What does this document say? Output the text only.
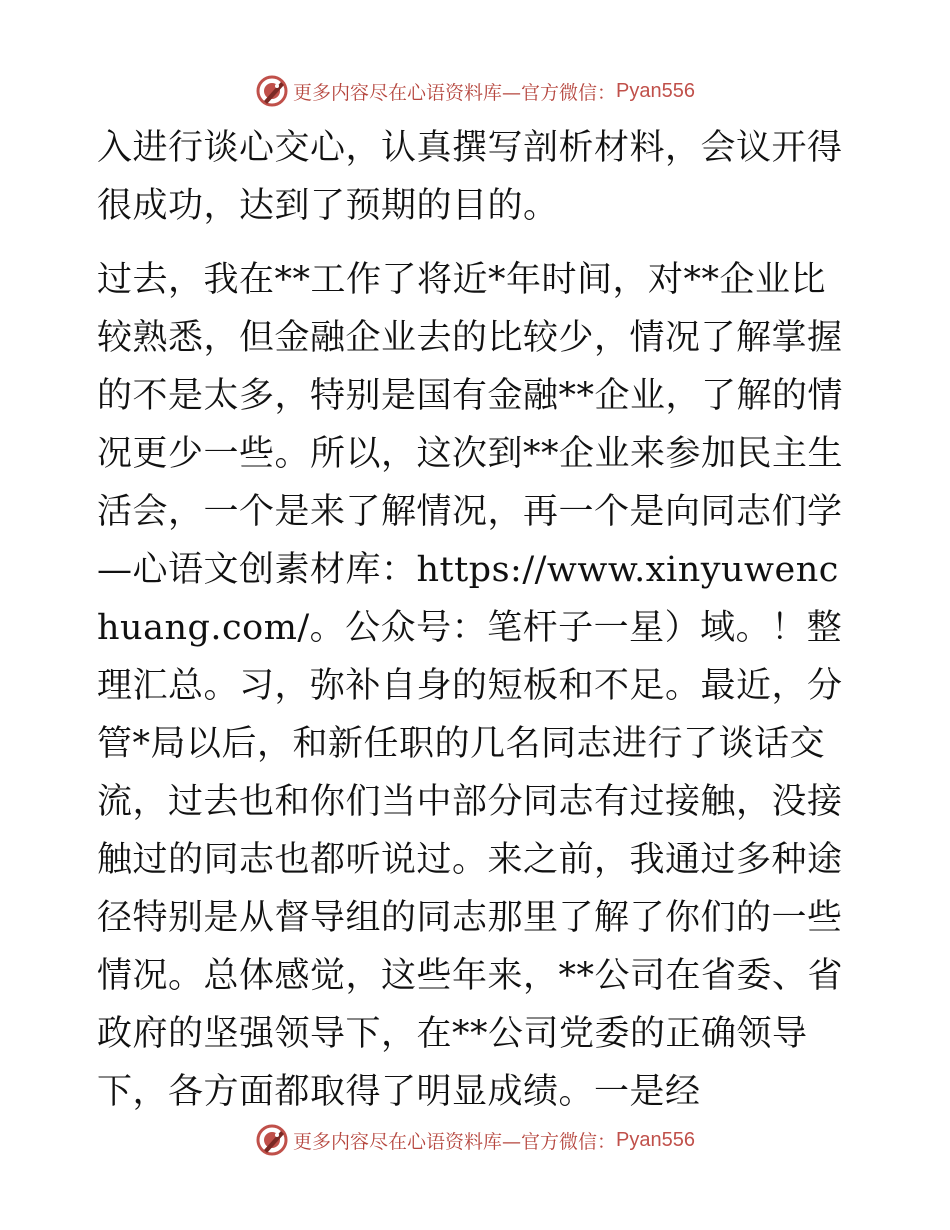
更多内容尽在心语资料库—官方微信： Pyan556

入进行谈心交心，认真撰写剖析材料，会议开得很成功，达到了预期的目的。

过去，我在**工作了将近*年时间，对**企业比较熟悉，但金融企业去的比较少，情况了解掌握的不是太多，特别是国有金融**企业，了解的情况更少一些。所以，这次到**企业来参加民主生活会，一个是来了解情况，再一个是向同志们学—心语文创素材库：https://www.xinyuwenchuang.com/。公众号：笔杆子一星）域。！整理汇总。习，弥补自身的短板和不足。最近，分管*局以后，和新任职的几名同志进行了谈话交流，过去也和你们当中部分同志有过接触，没接触过的同志也都听说过。来之前，我通过多种途径特别是从督导组的同志那里了解了你们的一些情况。总体感觉，这些年来，**公司在省委、省政府的坚强领导下，在**公司党委的正确领导下，各方面都取得了明显成绩。一是经

更多内容尽在心语资料库—官方微信： Pyan556
